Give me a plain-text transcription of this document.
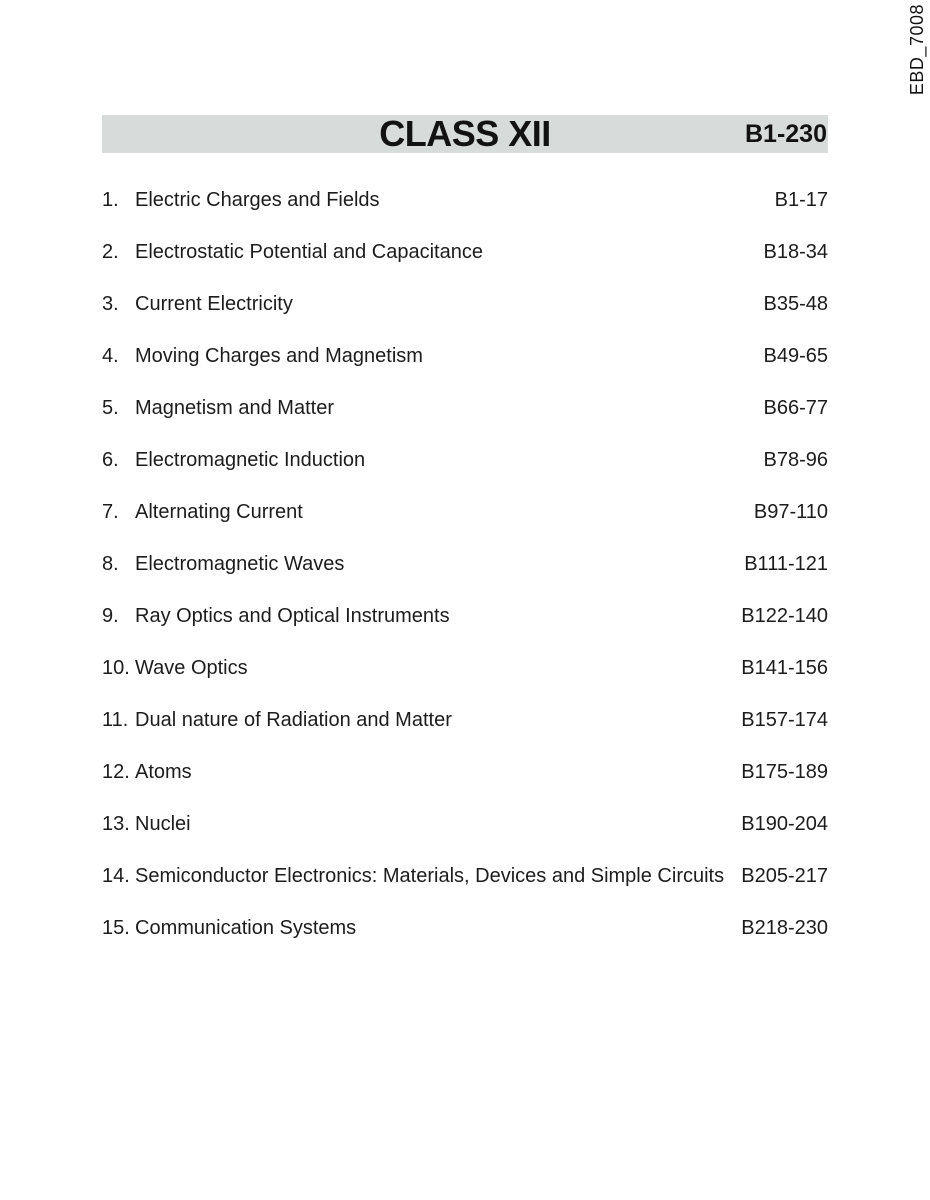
EBD_7008
CLASS XII	B1-230
1. Electric Charges and Fields	B1-17
2. Electrostatic Potential and Capacitance	B18-34
3. Current Electricity	B35-48
4. Moving Charges and Magnetism	B49-65
5. Magnetism and Matter	B66-77
6. Electromagnetic Induction	B78-96
7. Alternating Current	B97-110
8. Electromagnetic Waves	B111-121
9. Ray Optics and Optical Instruments	B122-140
10. Wave Optics	B141-156
11. Dual nature of Radiation and Matter	B157-174
12. Atoms	B175-189
13. Nuclei	B190-204
14. Semiconductor Electronics: Materials, Devices and Simple Circuits B205-217
15. Communication Systems	B218-230
